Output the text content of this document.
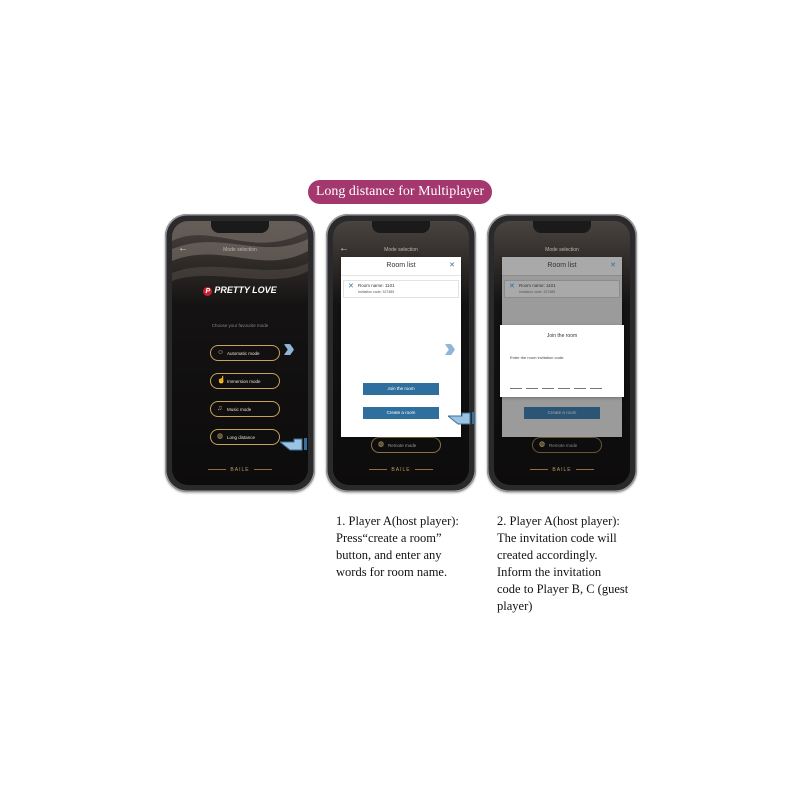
Long distance for Multiplayer
←	Mode selection
P PRETTY LOVE
Choose your favourite mode
☺ Automatic mode
☝ Immersion mode
♫	Music mode
◍ Long distance
BAILE
›››
←	Mode selection
◍ Remote mode
BAILE
Room list	✕
✕ Room name: 1101
Invitation code: 327485
Join the room
Create a room
›››
Mode selection
BAILE
Room list	✕
✕ Room name: 1101
Invitation code: 327485
Create a room
◍ Remote mode
Join the room
Enter the room invitation code:
1. Player A(host player):
Press“create a room”
button, and enter any
words for room name.
2. Player A(host player):
The invitation code will
created accordingly.
Inform the invitation
code to Player B, C (guest
player)
